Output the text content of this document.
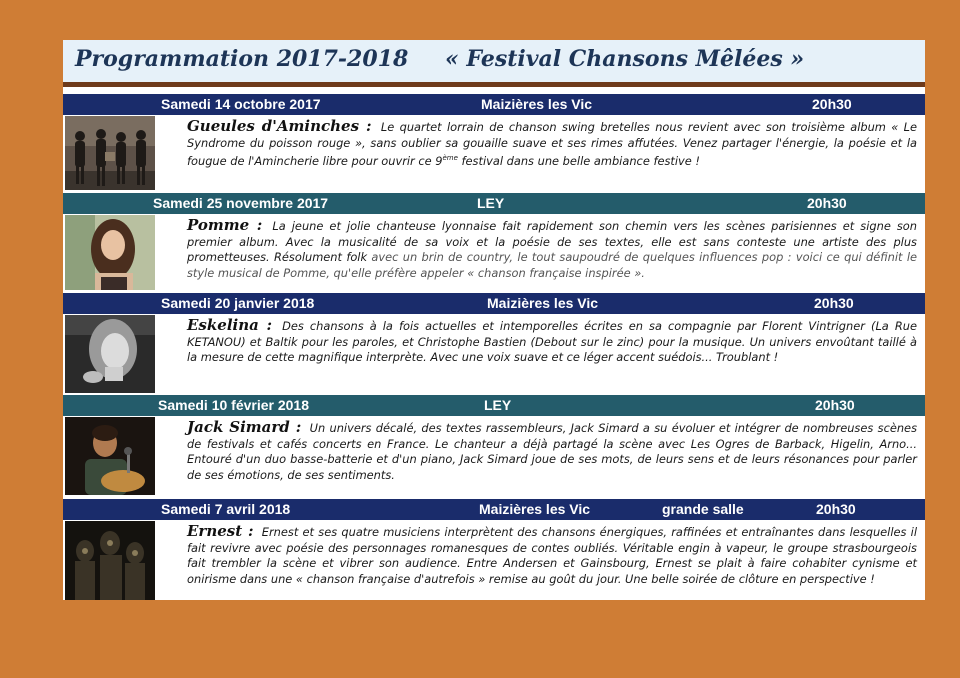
Programmation 2017-2018 « Festival Chansons Mêlées »
Samedi 14 octobre 2017	Maizières les Vic	20h30
Gueules d'Aminches : Le quartet lorrain de chanson swing bretelles nous revient avec son troisième album « Le Syndrome du poisson rouge », sans oublier sa gouaille suave et ses rimes affutées. Venez partager l'énergie, la poésie et la fougue de l'Amincherie libre pour ouvrir ce 9ème festival dans une belle ambiance festive !
Samedi 25 novembre 2017	LEY	20h30
Pomme : La jeune et jolie chanteuse lyonnaise fait rapidement son chemin vers les scènes parisiennes et signe son premier album. Avec la musicalité de sa voix et la poésie de ses textes, elle est sans conteste une artiste des plus prometteuses. Résolument folk avec un brin de country, le tout saupoudré de quelques influences pop : voici ce qui définit le style musical de Pomme, qu'elle préfère appeler « chanson française inspirée ».
Samedi 20 janvier 2018	Maizières les Vic	20h30
Eskelina : Des chansons à la fois actuelles et intemporelles écrites en sa compagnie par Florent Vintrigner (La Rue KETANOU) et Baltik pour les paroles, et Christophe Bastien (Debout sur le zinc) pour la musique. Un univers envoûtant taillé à la mesure de cette magnifique interprète. Avec une voix suave et ce léger accent suédois... Troublant !
Samedi 10 février 2018	LEY	20h30
Jack Simard : Un univers décalé, des textes rassembleurs, Jack Simard a su évoluer et intégrer de nombreuses scènes de festivals et cafés concerts en France. Le chanteur a déjà partagé la scène avec Les Ogres de Barback, Higelin, Arno... Entouré d'un duo basse-batterie et d'un piano, Jack Simard joue de ses mots, de leurs sens et de leurs résonances pour parler de ses émotions, de ses sentiments.
Samedi 7 avril 2018	Maizières les Vic	grande salle	20h30
Ernest : Ernest et ses quatre musiciens interprètent des chansons énergiques, raffinées et entraînantes dans lesquelles il fait revivre avec poésie des personnages romanesques de contes oubliés. Véritable engin à vapeur, le groupe strasbourgeois fait trembler la scène et vibrer son audience. Entre Andersen et Gainsbourg, Ernest se plait à faire cohabiter cynisme et onirisme dans une « chanson française d'autrefois » remise au goût du jour. Une belle soirée de clôture en perspective !
